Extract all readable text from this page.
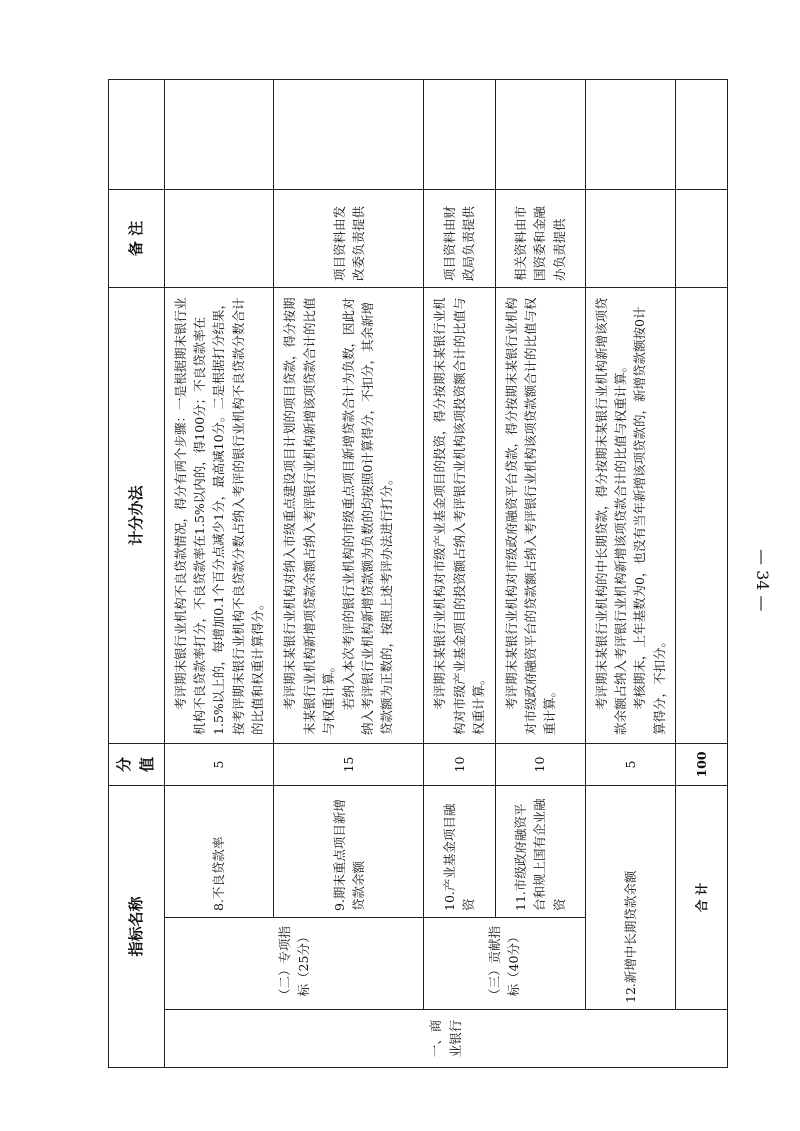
指标名称			分值	计分办法	备 注	
一、商业银行	（二）专项指标（25分）	8.不良贷款率	5	考评期末银行业机构不良贷款情况，得分有两个步骤：一是根据期末银行业机构不良贷款率打分，不良贷款率在1.5%以内的，得100分；不良贷款率在1.5%以上的，每增加0.1个百分点减少1分，最高减10分。二是根据打分结果，按考评期末银行业机构不良贷款分数占纳入考评的银行业机构不良贷款分数合计的比值和权重计算得分。		

		9.期末重点项目新增贷款余额	15	考评期末某银行业机构对纳入市级重点建设项目计划的项目贷款，得分按期末某银行业机构新增项贷款余额占纳入考评银行业机构新增该项贷款合计的比值与权重计算。 若纳入本次考评的银行业机构的市级重点项目新增贷款合计为负数，因此对纳入考评银行业机构新增贷款额为负数的均按照0计算得分，不扣分，其余新增贷款额为正数的，按照上述考评办法进行打分。	项目资料由发改委负责提供	
	（三）贡献指标（40分）	10.产业基金项目融资	10	考评期末某银行业机构对市级产业基金项目的投资，得分按期末某银行业机构对市级产业基金项目的投资额占纳入考评银行业机构该项投资额合计的比值与权重计算。	项目资料由财政局负责提供	
		11.市级政府融资平台和规上国有企业融资	10	考评期末某银行业机构对市级政府融资平台贷款，得分按期末某银行业机构对市级政府融资平台的贷款额占纳入考评银行业机构该项贷款额合计的比值与权重计算。	相关资料由市国资委和金融办负责提供	
	12.新增中长期贷款余额		5	考评期末某银行业机构的中长期贷款，得分按期末某银行业机构新增该项贷款余额占纳入考评银行业机构新增该项贷款合计的比值与权重计算。 考核期末，上年基数为0，也没有当年新增该项贷款的，新增贷款额按0计算得分，不扣分。		

	合 计		100			
— 34 —
